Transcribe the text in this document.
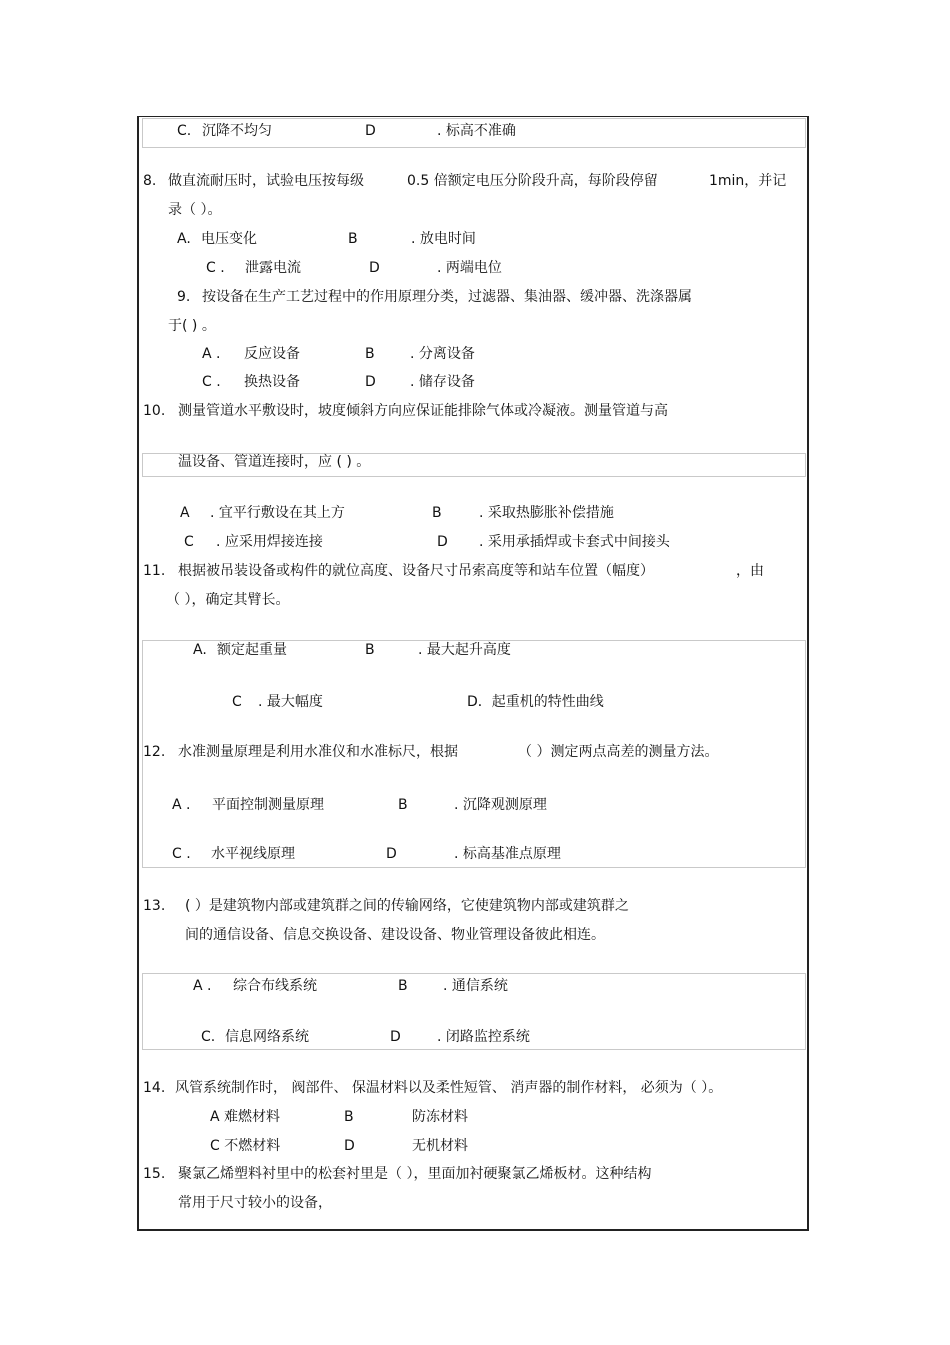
C. 沉降不均匀	D	. 标高不准确
8. 做直流耐压时，试验电压按每级	0.5 倍额定电压分阶段升高，每阶段停留	1min，并记
录（ ）。
A. 电压变化	B	. 放电时间
C . 泄露电流	D	. 两端电位
9. 按设备在生产工艺过程中的作用原理分类，过滤器、集油器、缓冲器、洗涤器属
于( ) 。
A . 反应设备	B	. 分离设备
C . 换热设备	D . 储存设备
10. 测量管道水平敷设时，坡度倾斜方向应保证能排除气体或冷凝液。测量管道与高
温设备、管道连接时，应 ( ) 。
A . 宜平行敷设在其上方	B	. 采取热膨胀补偿措施
C . 应采用焊接连接	D . 采用承插焊或卡套式中间接头
11. 根据被吊装设备或构件的就位高度、设备尺寸吊索高度等和站车位置（幅度）	，由
（ ），确定其臂长。
A. 额定起重量	B	. 最大起升高度
C . 最大幅度	D．起重机的特性曲线
12. 水准测量原理是利用水准仪和水准标尺，根据	（ ）测定两点高差的测量方法。
A . 平面控制测量原理	B	. 沉降观测原理
C . 水平视线原理	D	. 标高基准点原理
13. ( ）是建筑物内部或建筑群之间的传输网络，它使建筑物内部或建筑群之
间的通信设备、信息交换设备、建设设备、物业管理设备彼此相连。
A . 综合布线系统	B	. 通信系统
C. 信息网络系统	D	. 闭路监控系统
14. 风管系统制作时， 阀部件、 保温材料以及柔性短管、 消声器的制作材料， 必须为（ ）。
A 难燃材料	B	防冻材料
C 不燃材料	D	无机材料
15. 聚氯乙烯塑料衬里中的松套衬里是（ ），里面加衬硬聚氯乙烯板材。这种结构
常用于尺寸较小的设备，
